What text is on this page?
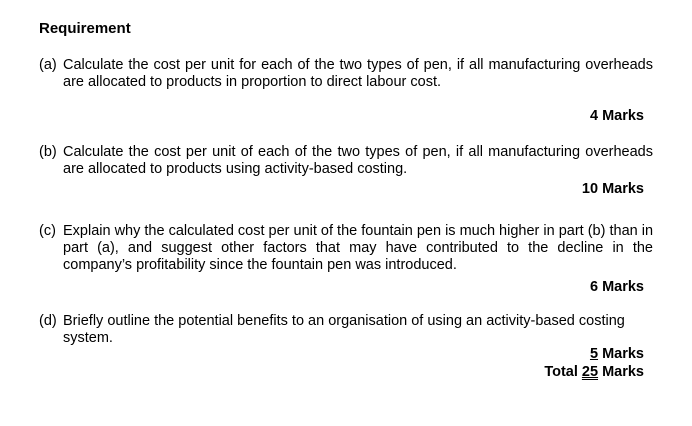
Requirement
(a) Calculate the cost per unit for each of the two types of pen, if all manufacturing overheads are allocated to products in proportion to direct labour cost.
4 Marks
(b) Calculate the cost per unit of each of the two types of pen, if all manufacturing overheads are allocated to products using activity-based costing.
10 Marks
(c) Explain why the calculated cost per unit of the fountain pen is much higher in part (b) than in part (a), and suggest other factors that may have contributed to the decline in the company’s profitability since the fountain pen was introduced.
6 Marks
(d) Briefly outline the potential benefits to an organisation of using an activity-based costing system.
5 Marks
Total 25 Marks
